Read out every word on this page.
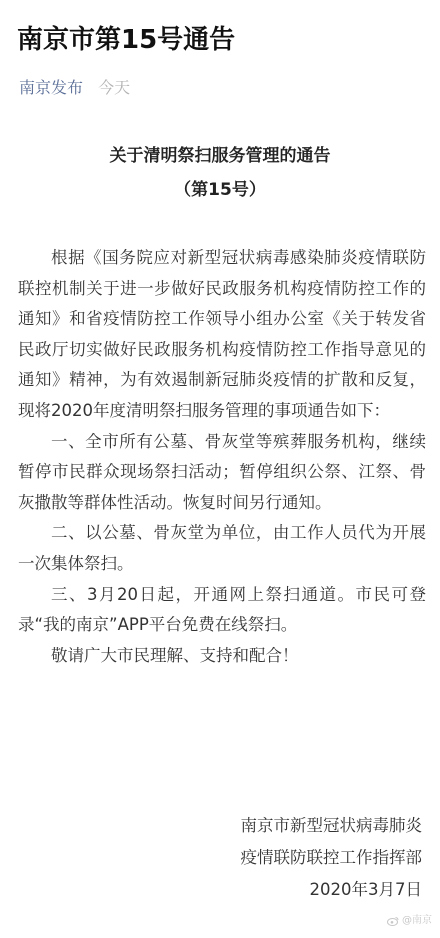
南京市第15号通告
南京发布 今天

关于清明祭扫服务管理的通告

（第15号）

根据《国务院应对新型冠状病毒感染肺炎疫情联防联控机制关于进一步做好民政服务机构疫情防控工作的通知》和省疫情防控工作领导小组办公室《关于转发省民政厅切实做好民政服务机构疫情防控工作指导意见的通知》精神，为有效遏制新冠肺炎疫情的扩散和反复，现将2020年度清明祭扫服务管理的事项通告如下：

一、全市所有公墓、骨灰堂等殡葬服务机构，继续暂停市民群众现场祭扫活动；暂停组织公祭、江祭、骨灰撒散等群体性活动。恢复时间另行通知。

二、以公墓、骨灰堂为单位，由工作人员代为开展一次集体祭扫。

三、3月20日起，开通网上祭扫通道。市民可登录“我的南京”APP平台免费在线祭扫。

敬请广大市民理解、支持和配合！

南京市新型冠状病毒肺炎

疫情联防联控工作指挥部

2020年3月7日

@南京
